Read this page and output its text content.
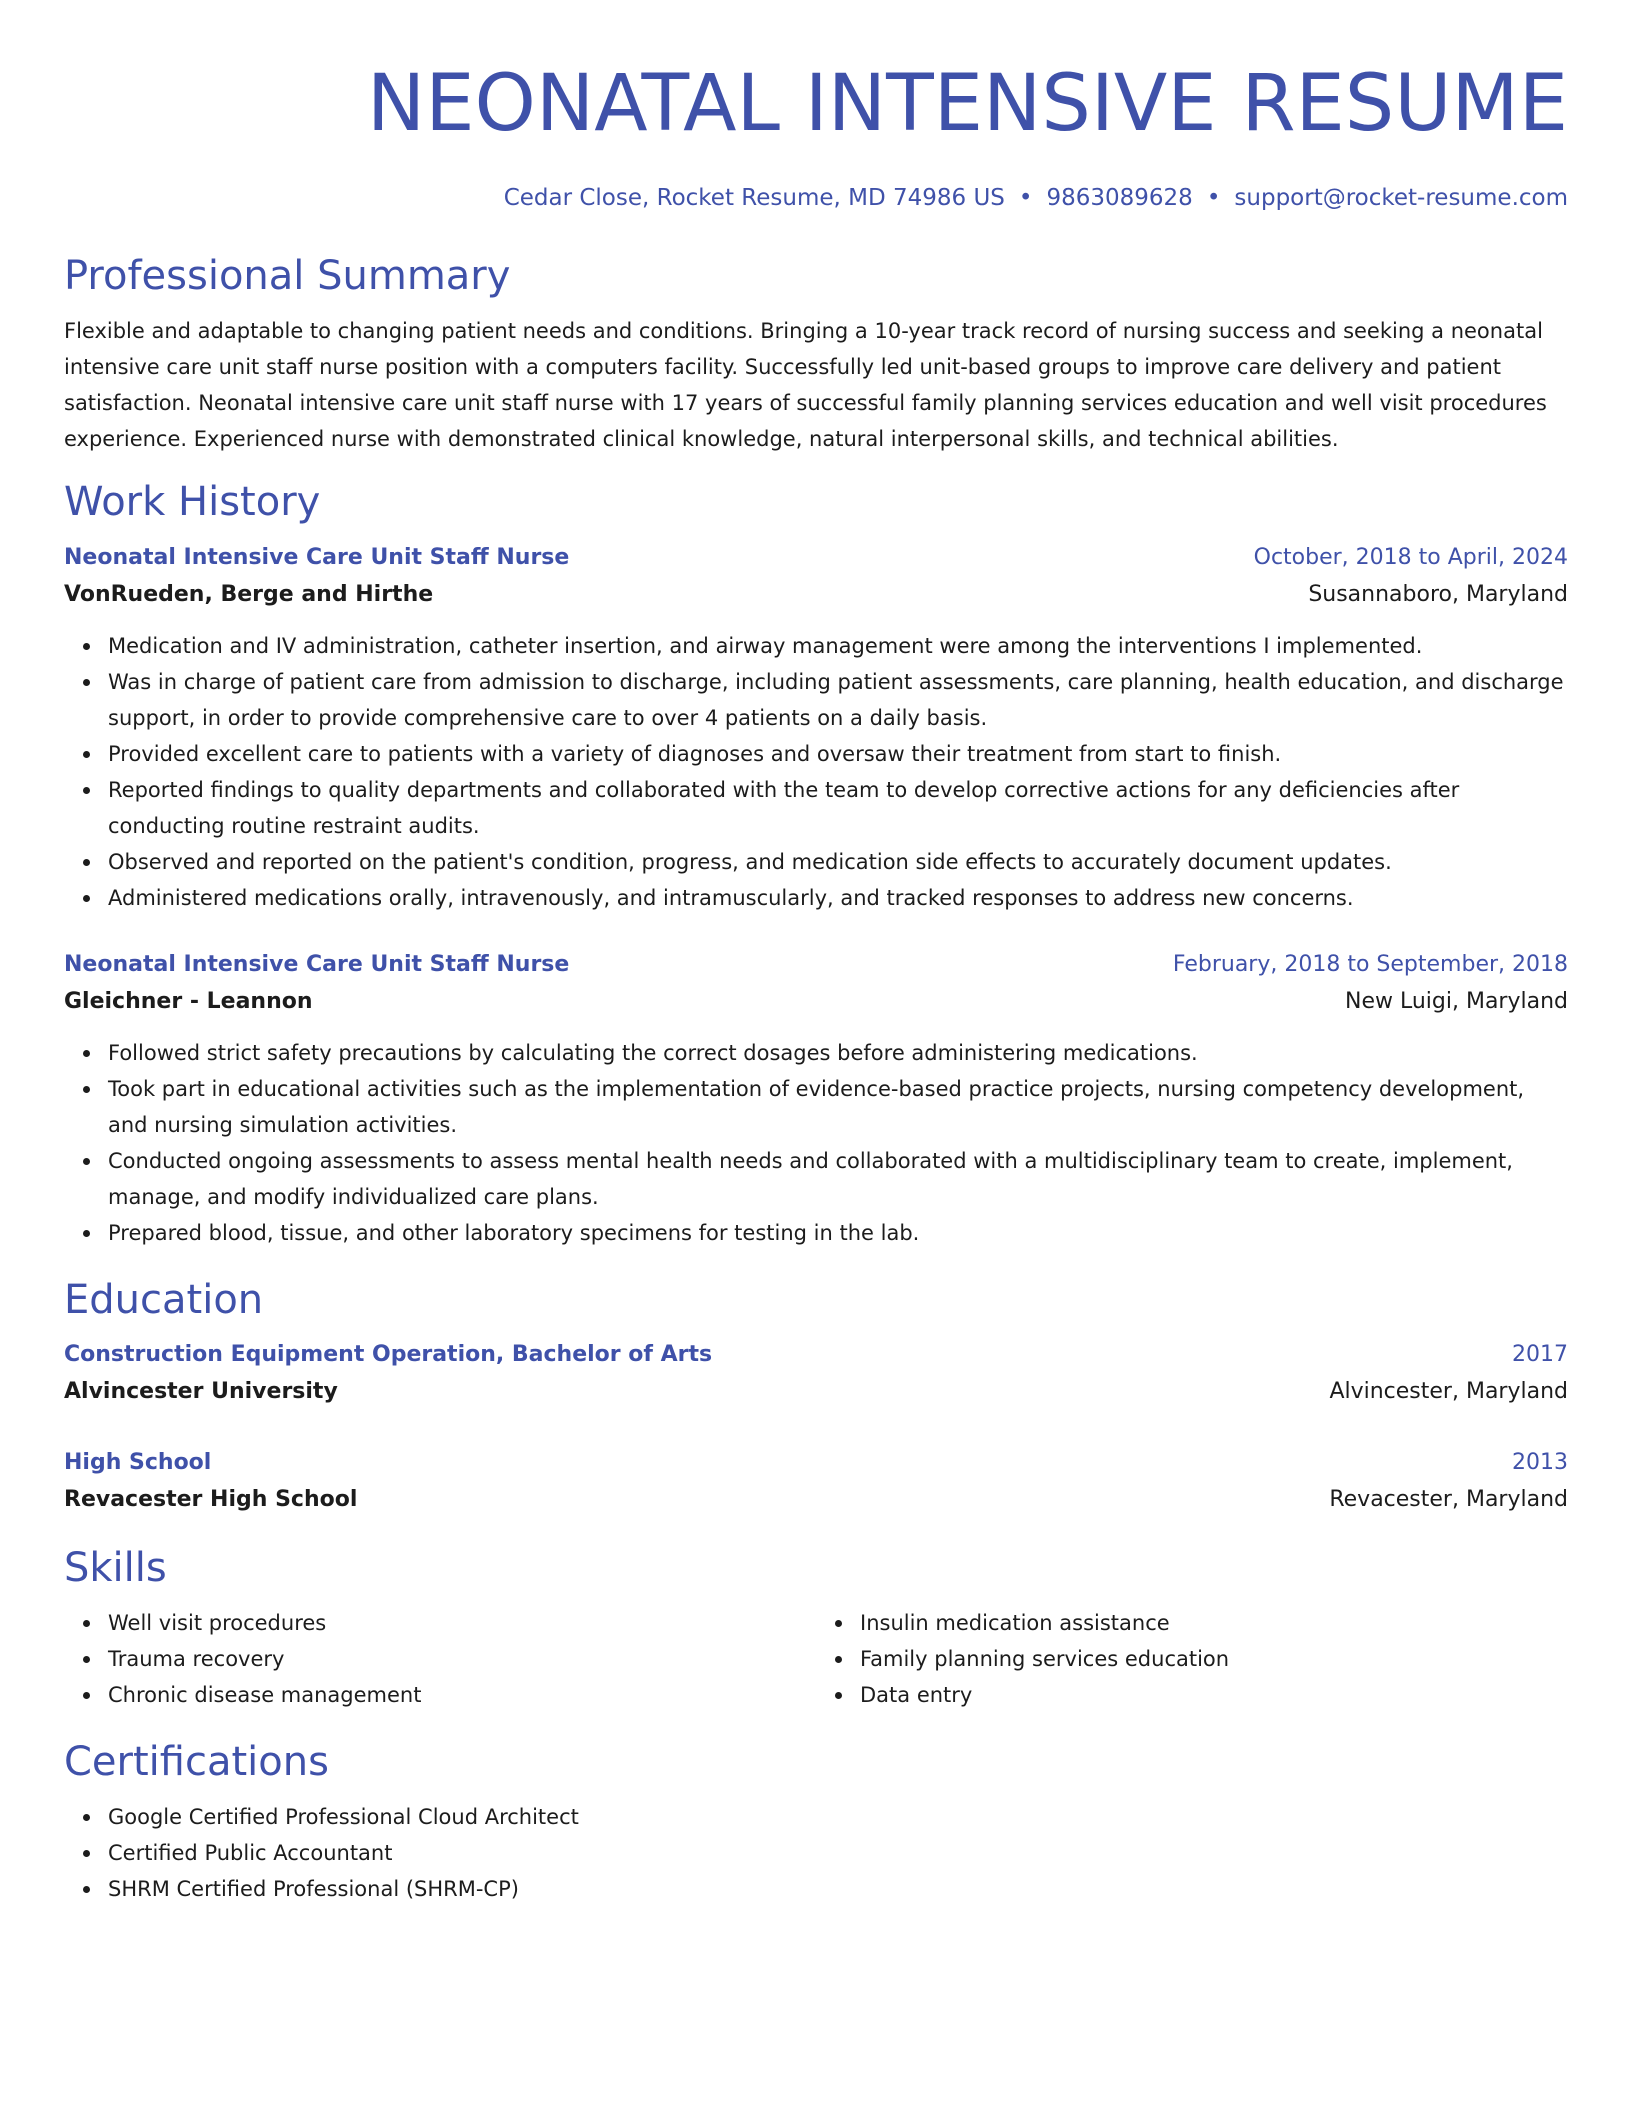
NEONATAL INTENSIVE RESUME
Cedar Close, Rocket Resume, MD 74986 US • 9863089628 • support@rocket-resume.com
Professional Summary

Flexible and adaptable to changing patient needs and conditions. Bringing a 10-year track record of nursing success and seeking a neonatal intensive care unit staff nurse position with a computers facility. Successfully led unit-based groups to improve care delivery and patient satisfaction. Neonatal intensive care unit staff nurse with 17 years of successful family planning services education and well visit procedures experience. Experienced nurse with demonstrated clinical knowledge, natural interpersonal skills, and technical abilities.

Work History
Neonatal Intensive Care Unit Staff Nurse	October, 2018 to April, 2024
VonRueden, Berge and Hirthe	Susannaboro, Maryland
Medication and IV administration, catheter insertion, and airway management were among the interventions I implemented.
Was in charge of patient care from admission to discharge, including patient assessments, care planning, health education, and discharge support, in order to provide comprehensive care to over 4 patients on a daily basis.
Provided excellent care to patients with a variety of diagnoses and oversaw their treatment from start to finish.
Reported findings to quality departments and collaborated with the team to develop corrective actions for any deficiencies after conducting routine restraint audits.
Observed and reported on the patient's condition, progress, and medication side effects to accurately document updates.
Administered medications orally, intravenously, and intramuscularly, and tracked responses to address new concerns.
Neonatal Intensive Care Unit Staff Nurse	February, 2018 to September, 2018
Gleichner - Leannon	New Luigi, Maryland
Followed strict safety precautions by calculating the correct dosages before administering medications.
Took part in educational activities such as the implementation of evidence-based practice projects, nursing competency development, and nursing simulation activities.
Conducted ongoing assessments to assess mental health needs and collaborated with a multidisciplinary team to create, implement, manage, and modify individualized care plans.
Prepared blood, tissue, and other laboratory specimens for testing in the lab.
Education
Construction Equipment Operation, Bachelor of Arts	2017
Alvincester University	Alvincester, Maryland
High School	2013
Revacester High School	Revacester, Maryland
Skills
Well visit procedures
Trauma recovery
Chronic disease management
Insulin medication assistance
Family planning services education
Data entry
Certifications
Google Certified Professional Cloud Architect
Certified Public Accountant
SHRM Certified Professional (SHRM-CP)
